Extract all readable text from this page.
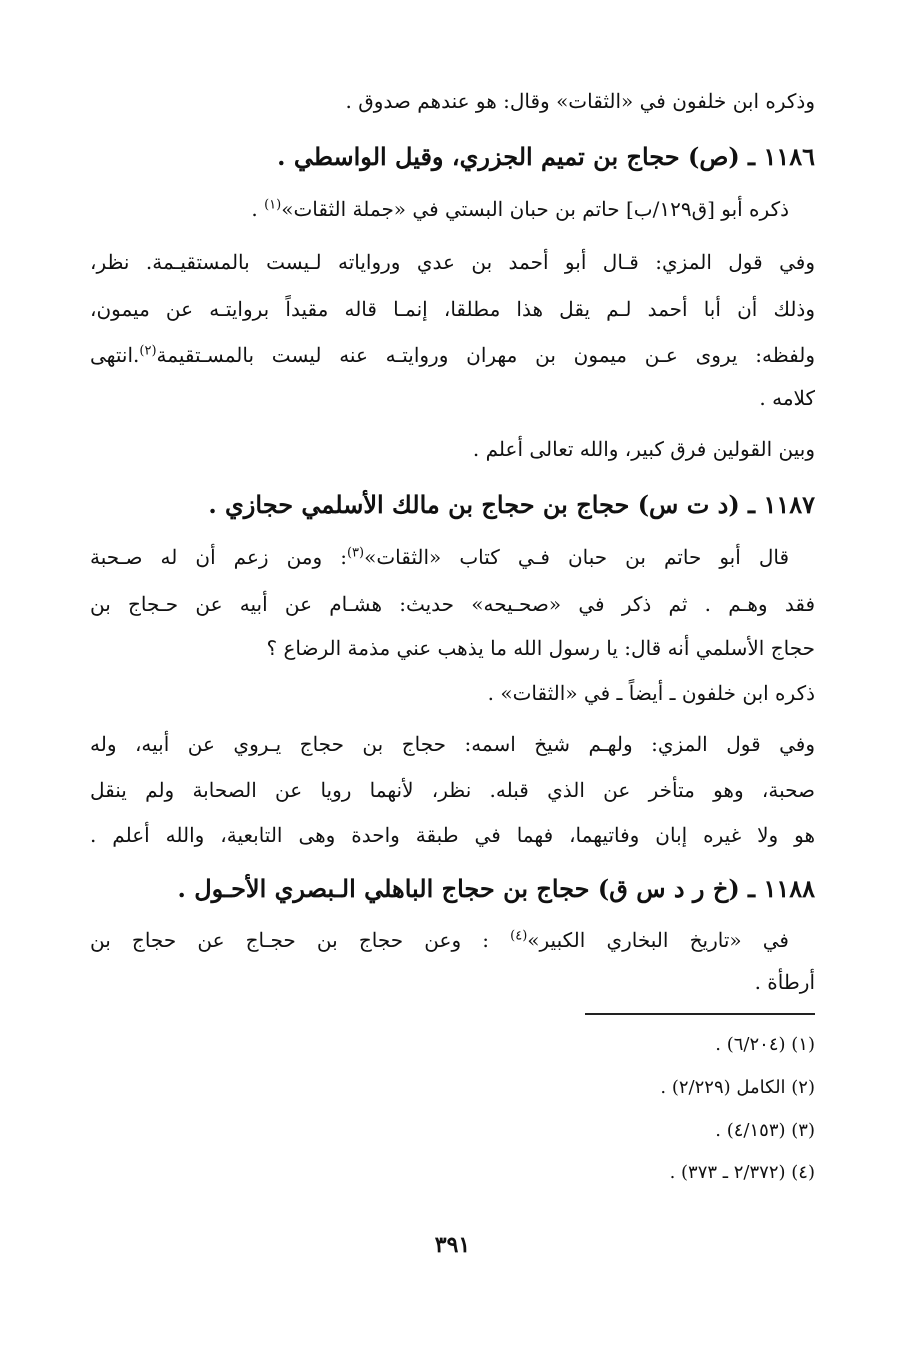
وذكره ابن خلفون في «الثقات» وقال: هو عندهم صدوق .
١١٨٦ ـ (ص) حجاج بن تميم الجزري، وقيل الواسطي .
ذكره أبو [ق١٢٩/ب] حاتم بن حبان البستي في «جملة الثقات»$^{(١)}$ .
وفي قول المزي: قـال أبو أحمد بن عدي ورواياته لـيست بالمستقيـمة. نظر،
وذلك أن أبا أحمد لـم يقل هذا مطلقا، إنمـا قاله مقيداً بروايتـه عن ميمون،
ولفظه: يروى عـن ميمون بن مهران وروايتـه عنه ليست بالمسـتقيمة$^{(٢)}$.انتهى
كلامه .
وبين القولين فرق كبير، والله تعالى أعلم .
١١٨٧ ـ (د ت س) حجاج بن حجاج بن مالك الأسلمي حجازي .
قال أبو حاتم بن حبان فـي كتاب «الثقات»$^{(٣)}$: ومن زعم أن له صـحبة
فقد وهـم . ثم ذكر في «صحـيحه» حديث: هشـام عن أبيه عن حـجاج بن
حجاج الأسلمي أنه قال: يا رسول الله ما يذهب عني مذمة الرضاع ؟
ذكره ابن خلفون ـ أيضاً ـ في «الثقات» .
وفي قول المزي: ولهـم شيخ اسمه: حجاج بن حجاج يـروي عن أبيه، وله
صحبة، وهو متأخر عن الذي قبله. نظر، لأنهما رويا عن الصحابة ولم ينقل
هو ولا غيره إبان وفاتيهما، فهما في طبقة واحدة وهى التابعية، والله أعلم .
١١٨٨ ـ (خ ر د س ق) حجاج بن حجاج الباهلي الـبصري الأحـول .
في «تاريخ البخاري الكبير»$^{(٤)}$ : وعن حجاج بن حجـاج عن حجاج بن
أرطأة .
(١) (٦/٢٠٤) .
(٢) الكامل (٢/٢٢٩) .
(٣) (٤/١٥٣) .
(٤) (٢/٣٧٢ ـ ٣٧٣) .
٣٩١
